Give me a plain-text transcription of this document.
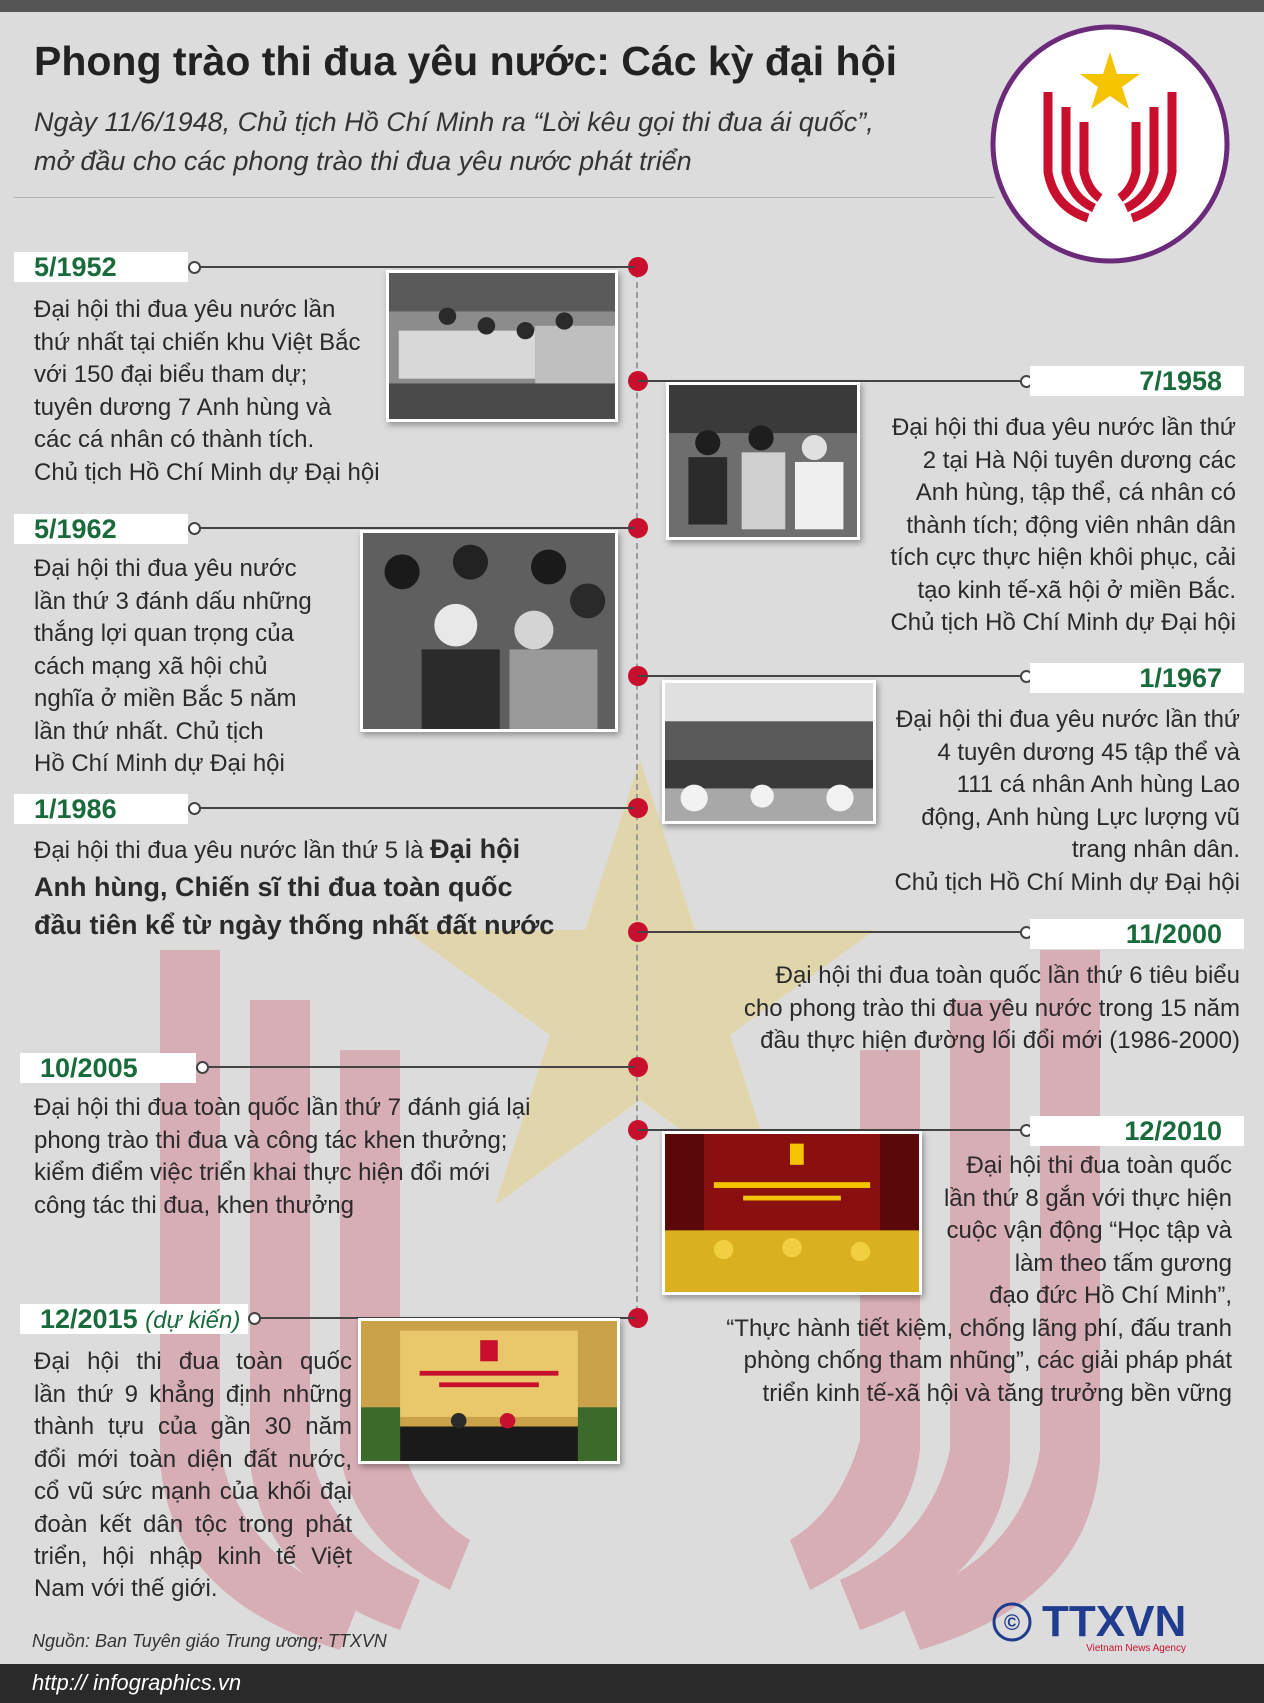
Phong trào thi đua yêu nước: Các kỳ đại hội

Ngày 11/6/1948, Chủ tịch Hồ Chí Minh ra “Lời kêu gọi thi đua ái quốc”,
mở đầu cho các phong trào thi đua yêu nước phát triển

5/1952

Đại hội thi đua yêu nước lần
thứ nhất tại chiến khu Việt Bắc
với 150 đại biểu tham dự;
tuyên dương 7 Anh hùng và
các cá nhân có thành tích.
Chủ tịch Hồ Chí Minh dự Đại hội

7/1958

Đại hội thi đua yêu nước lần thứ
2 tại Hà Nội tuyên dương các
Anh hùng, tập thể, cá nhân có
thành tích; động viên nhân dân
tích cực thực hiện khôi phục, cải
tạo kinh tế-xã hội ở miền Bắc.
Chủ tịch Hồ Chí Minh dự Đại hội

5/1962

Đại hội thi đua yêu nước
lần thứ 3 đánh dấu những
thắng lợi quan trọng của
cách mạng xã hội chủ
nghĩa ở miền Bắc 5 năm
lần thứ nhất. Chủ tịch
Hồ Chí Minh dự Đại hội

1/1967

Đại hội thi đua yêu nước lần thứ
4 tuyên dương 45 tập thể và
111 cá nhân Anh hùng Lao
động, Anh hùng Lực lượng vũ
trang nhân dân.
Chủ tịch Hồ Chí Minh dự Đại hội

1/1986

Đại hội thi đua yêu nước lần thứ 5 là Đại hội
Anh hùng, Chiến sĩ thi đua toàn quốc
đầu tiên kể từ ngày thống nhất đất nước	11/2000

Đại hội thi đua toàn quốc lần thứ 6 tiêu biểu
cho phong trào thi đua yêu nước trong 15 năm
đầu thực hiện đường lối đổi mới (1986-2000)

10/2005

Đại hội thi đua toàn quốc lần thứ 7 đánh giá lại
phong trào thi đua và công tác khen thưởng;
kiểm điểm việc triển khai thực hiện đổi mới
công tác thi đua, khen thưởng

12/2010

Đại hội thi đua toàn quốc
lần thứ 8 gắn với thực hiện
cuộc vận động “Học tập và
làm theo tấm gương
đạo đức Hồ Chí Minh”,
“Thực hành tiết kiệm, chống lãng phí, đấu tranh
phòng chống tham nhũng”, các giải pháp phát
triển kinh tế-xã hội và tăng trưởng bền vững

12/2015 (dự kiến)

Đại hội thi đua toàn quốc
lần thứ 9 khẳng định những
thành tựu của gần 30 năm
đổi mới toàn diện đất nước,
cổ vũ sức mạnh của khối đại
đoàn kết dân tộc trong phát
triển, hội nhập kinh tế Việt

Nam với thế giới.

Nguồn: Ban Tuyên giáo Trung ương; TTXVN

© TTXVN
Vietnam News Agency

http:// infographics.vn
